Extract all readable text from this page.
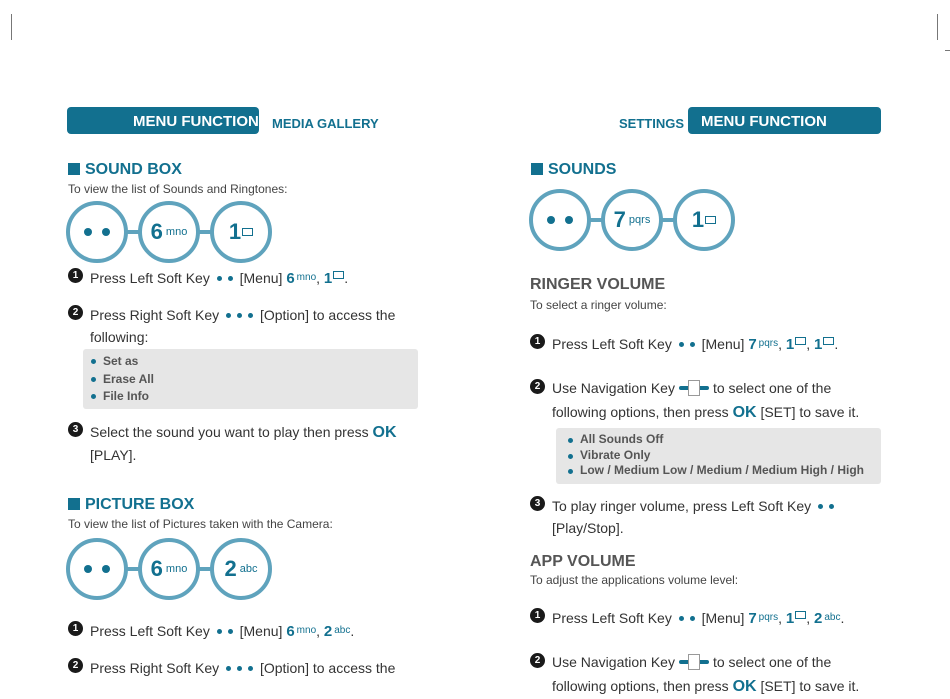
MENU FUNCTION MEDIA GALLERY	SETTINGS	MENU FUNCTION
SOUND BOX
To view the list of Sounds and Ringtones:
6 mno 1
1 Press Left Soft Key [Menu] 6 $^{mno}$, 1 .
2 Press Right Soft Key	[Option] to access the
following:
Set as
Erase All
File Info
3 Select the sound you want to play then press OK
[PLAY].
PICTURE BOX
To view the list of Pictures taken with the Camera:
6 mno 2 abc
1 Press Left Soft Key [Menu] 6 $^{mno}$, 2 $^{abc}$.
2 Press Right Soft Key	[Option] to access the
SOUNDS
7 pqrs 1
RINGER VOLUME
To select a ringer volume:
1 Press Left Soft Key [Menu] 7 $^{pqrs}$, 1 , 1 .
2 Use Navigation Key	to select one of the
following options, then press OK [SET] to save it.
All Sounds Off
Vibrate Only
Low / Medium Low / Medium / Medium High / High
3 To play ringer volume, press Left Soft Key
[Play/Stop].
APP VOLUME
To adjust the applications volume level:
1 Press Left Soft Key [Menu] 7 $^{pqrs}$, 1 , 2 $^{abc}$.
2 Use Navigation Key	to select one of the
following options, then press OK [SET] to save it.
